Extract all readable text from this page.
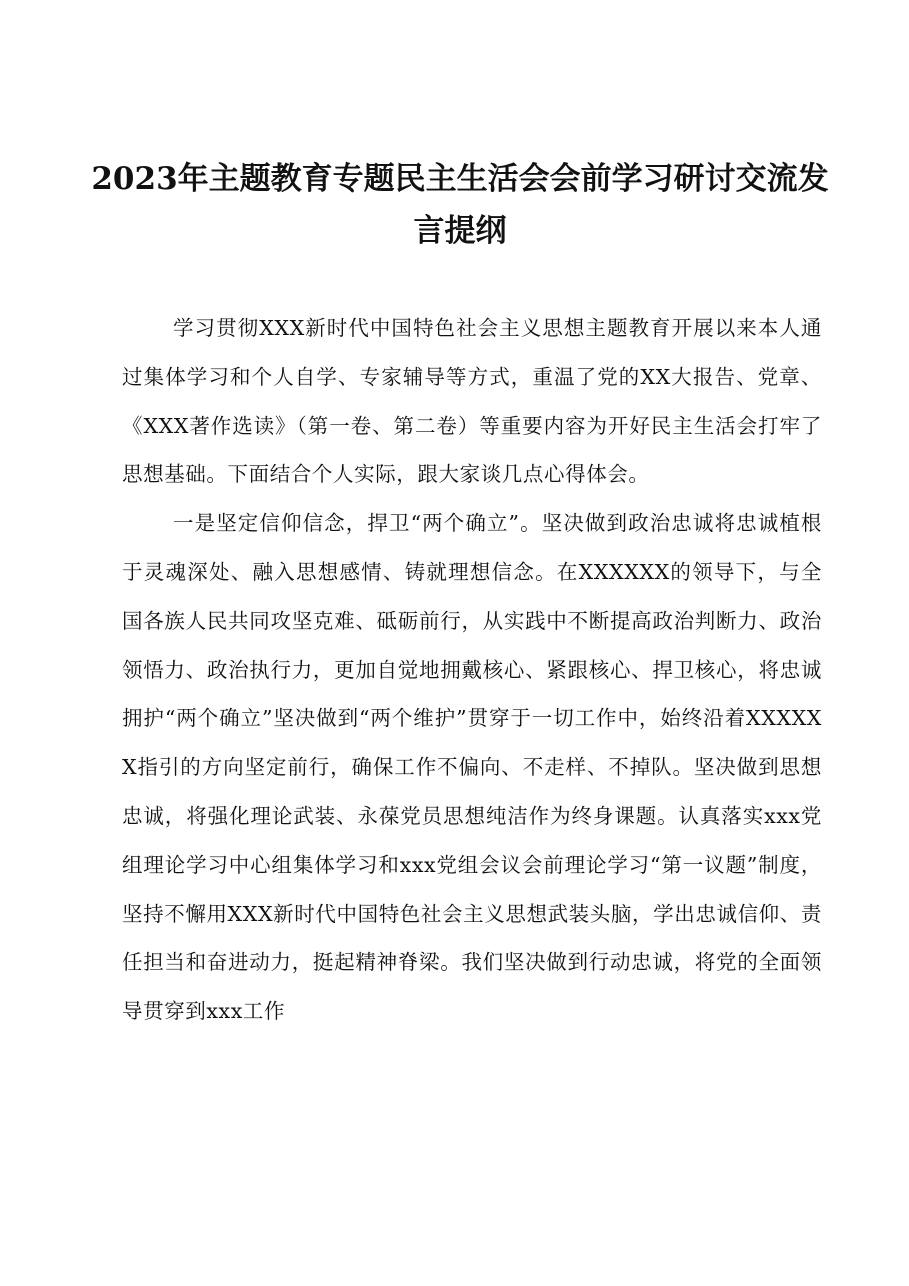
2023年主题教育专题民主生活会会前学习研讨交流发言提纲

学习贯彻XXX新时代中国特色社会主义思想主题教育开展以来本人通过集体学习和个人自学、专家辅导等方式，重温了党的XX大报告、党章、《XXX著作选读》（第一卷、第二卷）等重要内容为开好民主生活会打牢了思想基础。下面结合个人实际，跟大家谈几点心得体会。

一是坚定信仰信念，捍卫“两个确立”。坚决做到政治忠诚将忠诚植根于灵魂深处、融入思想感情、铸就理想信念。在XXXXXX的领导下，与全国各族人民共同攻坚克难、砥砺前行，从实践中不断提高政治判断力、政治领悟力、政治执行力，更加自觉地拥戴核心、紧跟核心、捍卫核心，将忠诚拥护“两个确立”坚决做到“两个维护”贯穿于一切工作中，始终沿着XXXXXX指引的方向坚定前行，确保工作不偏向、不走样、不掉队。坚决做到思想忠诚，将强化理论武装、永葆党员思想纯洁作为终身课题。认真落实xxx党组理论学习中心组集体学习和xxx党组会议会前理论学习“第一议题”制度，坚持不懈用XXX新时代中国特色社会主义思想武装头脑，学出忠诚信仰、责任担当和奋进动力，挺起精神脊梁。我们坚决做到行动忠诚，将党的全面领导贯穿到xxx工作
